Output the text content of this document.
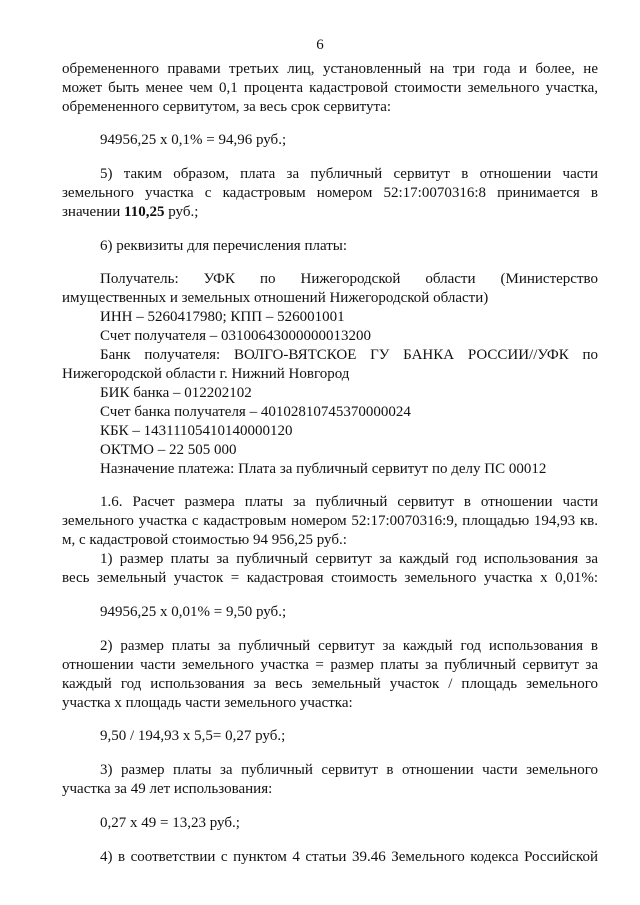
6
обремененного правами третьих лиц, установленный на три года и более, не
может быть менее чем 0,1 процента кадастровой стоимости земельного участка,
обремененного сервитутом, за весь срок сервитута:
94956,25 х 0,1% = 94,96 руб.;
5) таким образом, плата за публичный сервитут в отношении части
земельного участка с кадастровым номером 52:17:0070316:8 принимается в
значении 110,25 руб.;
6) реквизиты для перечисления платы:
Получатель: УФК по Нижегородской области (Министерство
имущественных и земельных отношений Нижегородской области)
ИНН – 5260417980; КПП – 526001001
Счет получателя – 03100643000000013200
Банк получателя: ВОЛГО-ВЯТСКОЕ ГУ БАНКА РОССИИ//УФК по
Нижегородской области г. Нижний Новгород
БИК банка – 012202102
Счет банка получателя – 40102810745370000024
КБК – 14311105410140000120
ОКТМО – 22 505 000
Назначение платежа: Плата за публичный сервитут по делу ПС 00012
1.6. Расчет размера платы за публичный сервитут в отношении части
земельного участка с кадастровым номером 52:17:0070316:9, площадью 194,93 кв.
м, с кадастровой стоимостью 94 956,25 руб.:
1) размер платы за публичный сервитут за каждый год использования за
весь земельный участок = кадастровая стоимость земельного участка х 0,01%:
94956,25 х 0,01% = 9,50 руб.;
2) размер платы за публичный сервитут за каждый год использования в
отношении части земельного участка = размер платы за публичный сервитут за
каждый год использования за весь земельный участок / площадь земельного
участка х площадь части земельного участка:
9,50 / 194,93 х 5,5= 0,27 руб.;
3) размер платы за публичный сервитут в отношении части земельного
участка за 49 лет использования:
0,27 х 49 = 13,23 руб.;
4) в соответствии с пунктом 4 статьи 39.46 Земельного кодекса Российской
